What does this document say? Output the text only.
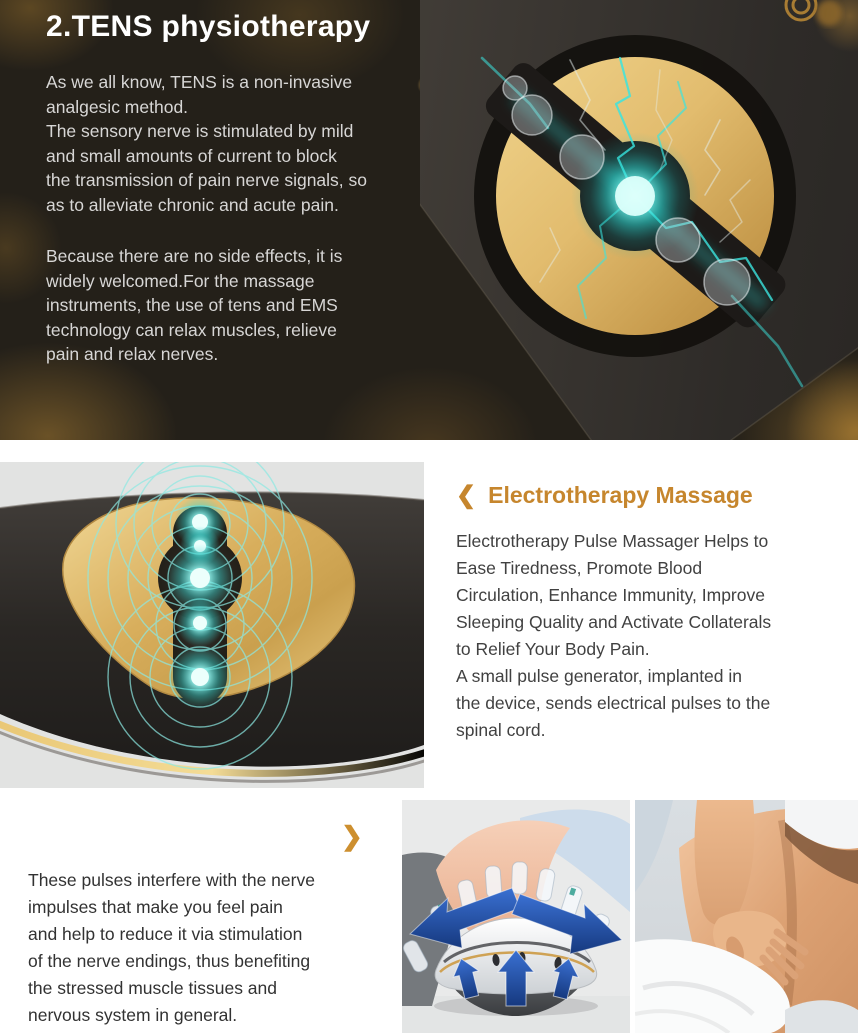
2.TENS physiotherapy
As we all know, TENS is a non-invasive
analgesic method.
The sensory nerve is stimulated by mild
and small amounts of current to block
the transmission of pain nerve signals, so
as to alleviate chronic and acute pain.
Because there are no side effects, it is
widely welcomed.For the massage
instruments, the use of tens and EMS
technology can relax muscles, relieve
pain and relax nerves.
❮ Electrotherapy Massage
Electrotherapy Pulse Massager Helps to
Ease Tiredness, Promote Blood
Circulation, Enhance Immunity, Improve
Sleeping Quality and Activate Collaterals
to Relief Your Body Pain.
A small pulse generator, implanted in
the device, sends electrical pulses to the
spinal cord.
❯
These pulses interfere with the nerve
impulses that make you feel pain
and help to reduce it via stimulation
of the nerve endings, thus benefiting
the stressed muscle tissues and
nervous system in general.
